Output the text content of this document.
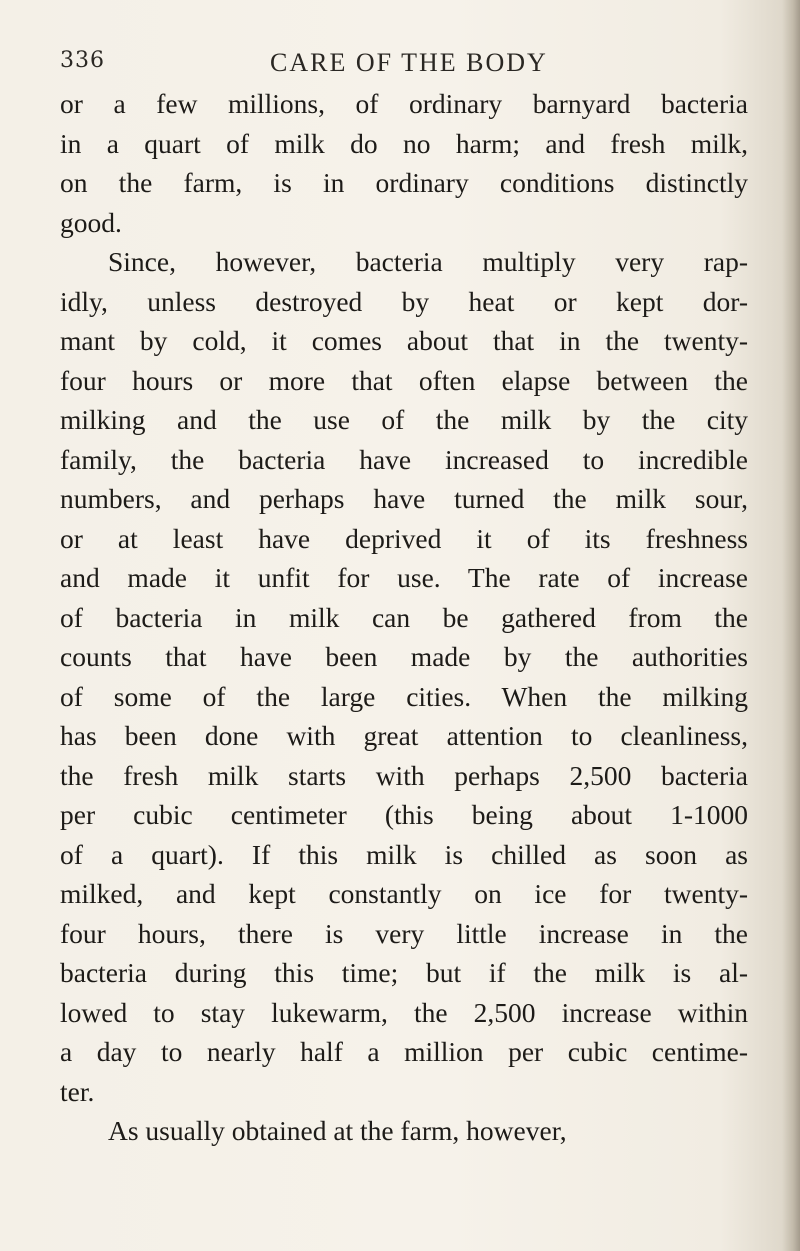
336	CARE OF THE BODY
or a few millions, of ordinary barnyard bacteria
in a quart of milk do no harm; and fresh milk,
on the farm, is in ordinary conditions distinctly
good.
Since, however, bacteria multiply very rap-
idly, unless destroyed by heat or kept dor-
mant by cold, it comes about that in the twenty-
four hours or more that often elapse between the
milking and the use of the milk by the city
family, the bacteria have increased to incredible
numbers, and perhaps have turned the milk sour,
or at least have deprived it of its freshness
and made it unfit for use. The rate of increase
of bacteria in milk can be gathered from the
counts that have been made by the authorities
of some of the large cities. When the milking
has been done with great attention to cleanliness,
the fresh milk starts with perhaps 2,500 bacteria
per cubic centimeter (this being about 1-1000
of a quart). If this milk is chilled as soon as
milked, and kept constantly on ice for twenty-
four hours, there is very little increase in the
bacteria during this time; but if the milk is al-
lowed to stay lukewarm, the 2,500 increase within
a day to nearly half a million per cubic centime-
ter.
As usually obtained at the farm, however,
